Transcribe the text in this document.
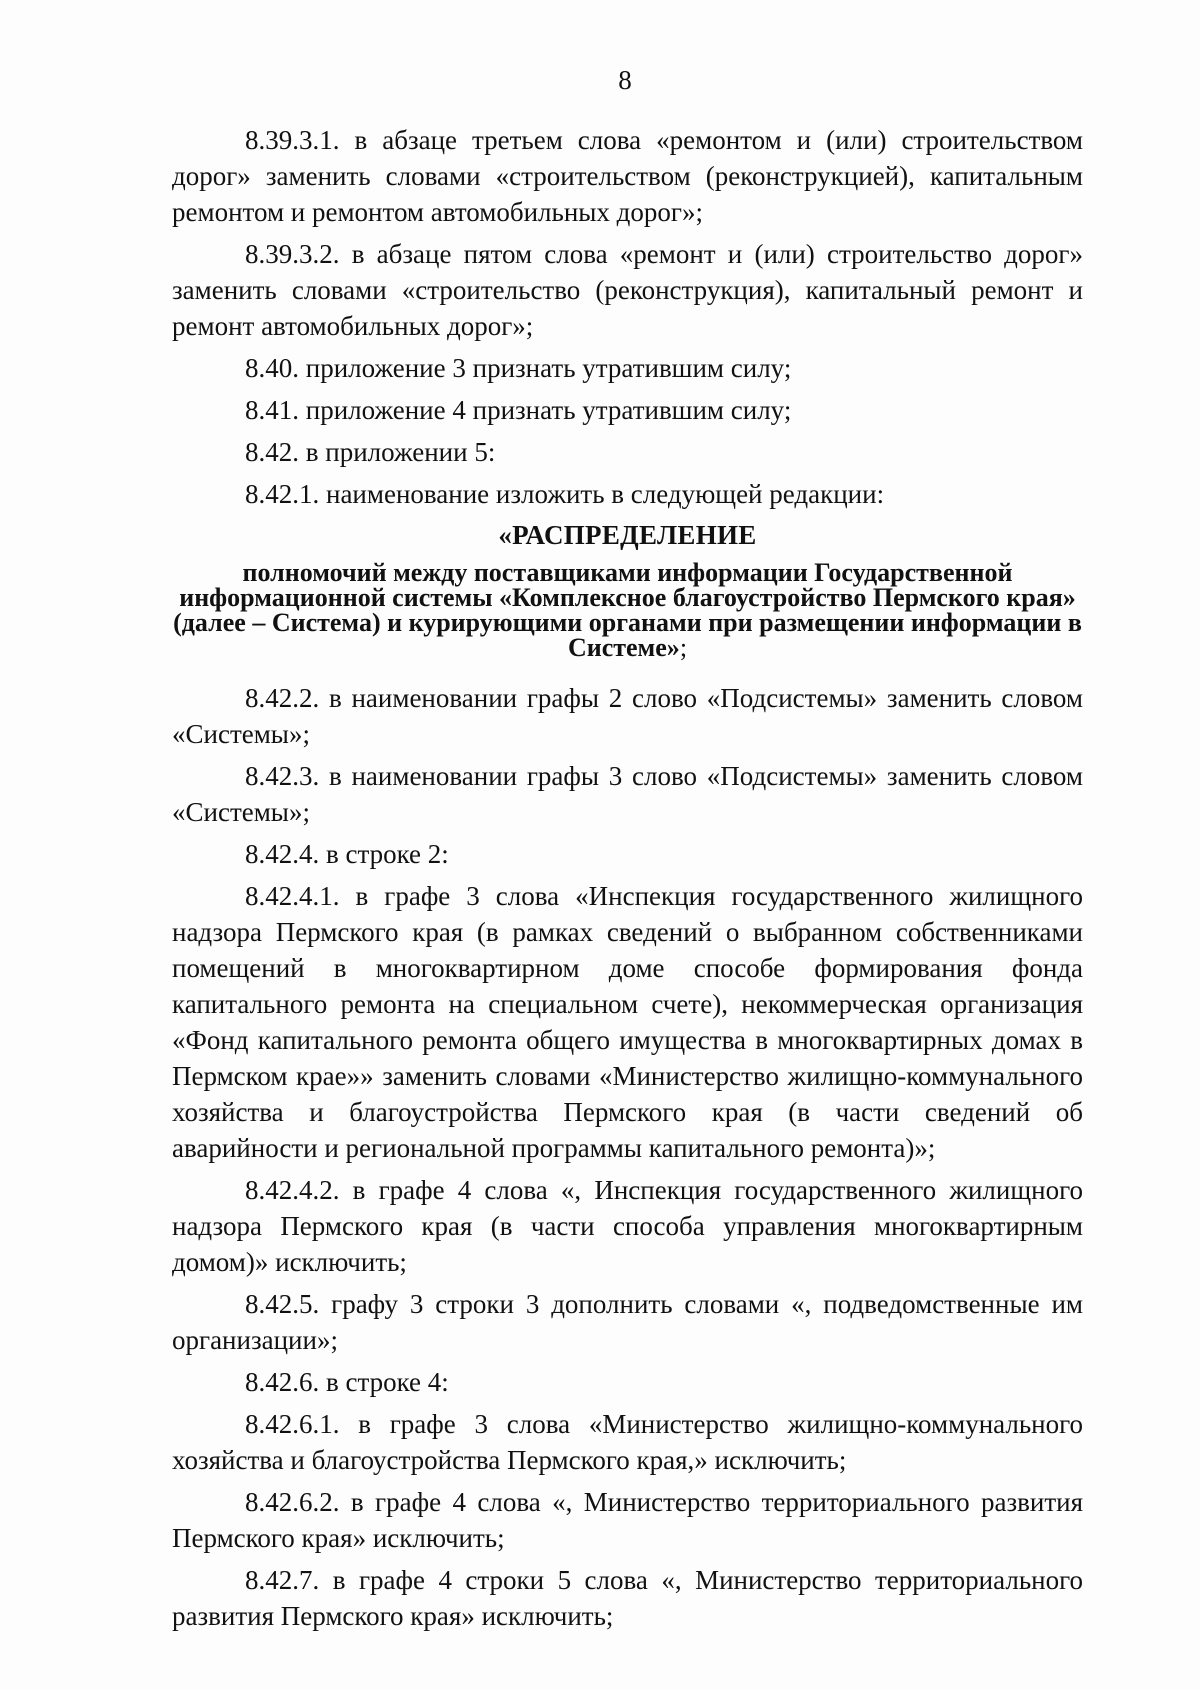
8

8.39.3.1. в абзаце третьем слова «ремонтом и (или) строительством дорог» заменить словами «строительством (реконструкцией), капитальным ремонтом и ремонтом автомобильных дорог»;

8.39.3.2. в абзаце пятом слова «ремонт и (или) строительство дорог» заменить словами «строительство (реконструкция), капитальный ремонт и ремонт автомобильных дорог»;

8.40. приложение 3 признать утратившим силу;

8.41. приложение 4 признать утратившим силу;

8.42. в приложении 5:

8.42.1. наименование изложить в следующей редакции:

«РАСПРЕДЕЛЕНИЕ
полномочий между поставщиками информации Государственной информационной системы «Комплексное благоустройство Пермского края» (далее – Система) и курирующими органами при размещении информации в Системе»;

8.42.2. в наименовании графы 2 слово «Подсистемы» заменить словом «Системы»;

8.42.3. в наименовании графы 3 слово «Подсистемы» заменить словом «Системы»;

8.42.4. в строке 2:

8.42.4.1. в графе 3 слова «Инспекция государственного жилищного надзора Пермского края (в рамках сведений о выбранном собственниками помещений в многоквартирном доме способе формирования фонда капитального ремонта на специальном счете), некоммерческая организация «Фонд капитального ремонта общего имущества в многоквартирных домах в Пермском крае»» заменить словами «Министерство жилищно-коммунального хозяйства и благоустройства Пермского края (в части сведений об аварийности и региональной программы капитального ремонта)»;

8.42.4.2. в графе 4 слова «, Инспекция государственного жилищного надзора Пермского края (в части способа управления многоквартирным домом)» исключить;

8.42.5. графу 3 строки 3 дополнить словами «, подведомственные им организации»;

8.42.6. в строке 4:

8.42.6.1. в графе 3 слова «Министерство жилищно-коммунального хозяйства и благоустройства Пермского края,» исключить;

8.42.6.2. в графе 4 слова «, Министерство территориального развития Пермского края» исключить;

8.42.7. в графе 4 строки 5 слова «, Министерство территориального развития Пермского края» исключить;
